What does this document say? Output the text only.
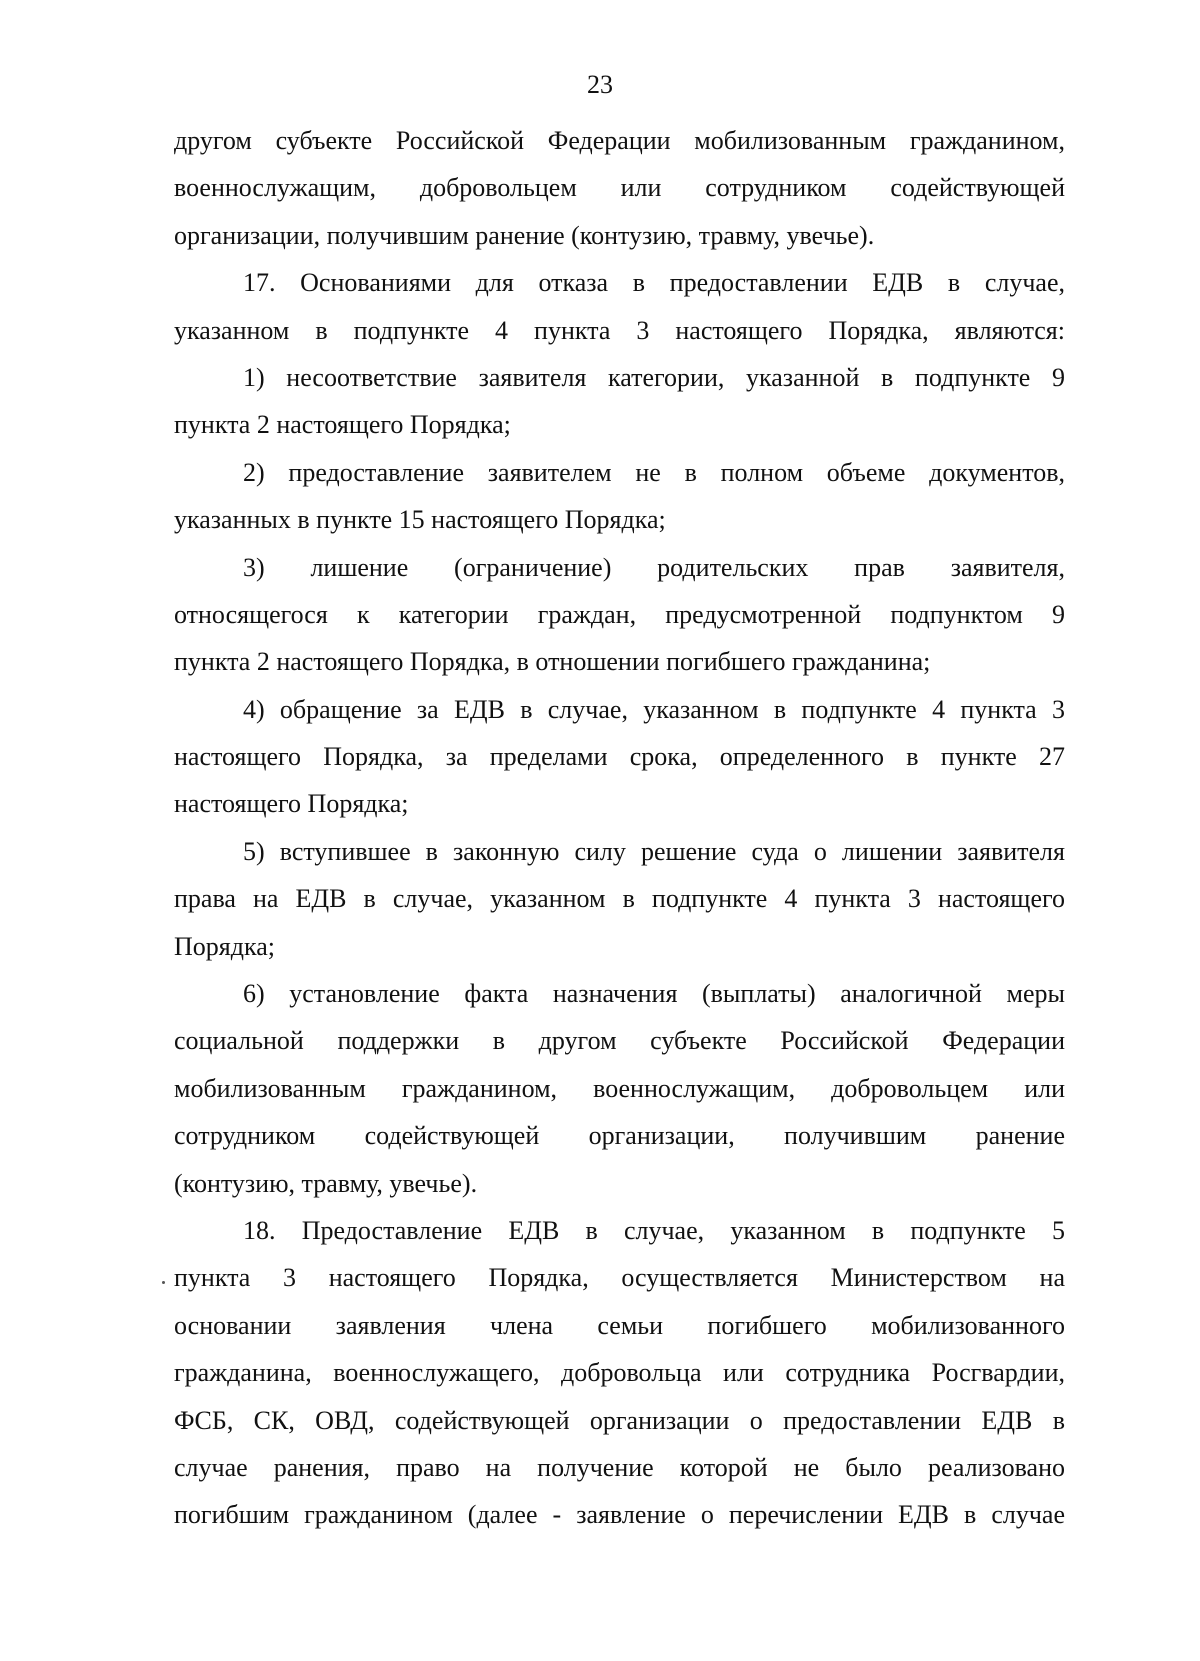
23
другом субъекте Российской Федерации мобилизованным гражданином,
военнослужащим, добровольцем или сотрудником содействующей
организации, получившим ранение (контузию, травму, увечье).
17. Основаниями для отказа в предоставлении ЕДВ в случае,
указанном в подпункте 4 пункта 3 настоящего Порядка, являются:
1) несоответствие заявителя категории, указанной в подпункте 9
пункта 2 настоящего Порядка;
2) предоставление заявителем не в полном объеме документов,
указанных в пункте 15 настоящего Порядка;
3) лишение (ограничение) родительских прав заявителя,
относящегося к категории граждан, предусмотренной подпунктом 9
пункта 2 настоящего Порядка, в отношении погибшего гражданина;
4) обращение за ЕДВ в случае, указанном в подпункте 4 пункта 3
настоящего Порядка, за пределами срока, определенного в пункте 27
настоящего Порядка;
5) вступившее в законную силу решение суда о лишении заявителя
права на ЕДВ в случае, указанном в подпункте 4 пункта 3 настоящего
Порядка;
6) установление факта назначения (выплаты) аналогичной меры
социальной поддержки в другом субъекте Российской Федерации
мобилизованным гражданином, военнослужащим, добровольцем или
сотрудником содействующей организации, получившим ранение
(контузию, травму, увечье).
18. Предоставление ЕДВ в случае, указанном в подпункте 5
пункта 3 настоящего Порядка, осуществляется Министерством на
основании заявления члена семьи погибшего мобилизованного
гражданина, военнослужащего, добровольца или сотрудника Росгвардии,
ФСБ, СК, ОВД, содействующей организации о предоставлении ЕДВ в
случае ранения, право на получение которой не было реализовано
погибшим гражданином (далее - заявление о перечислении ЕДВ в случае
